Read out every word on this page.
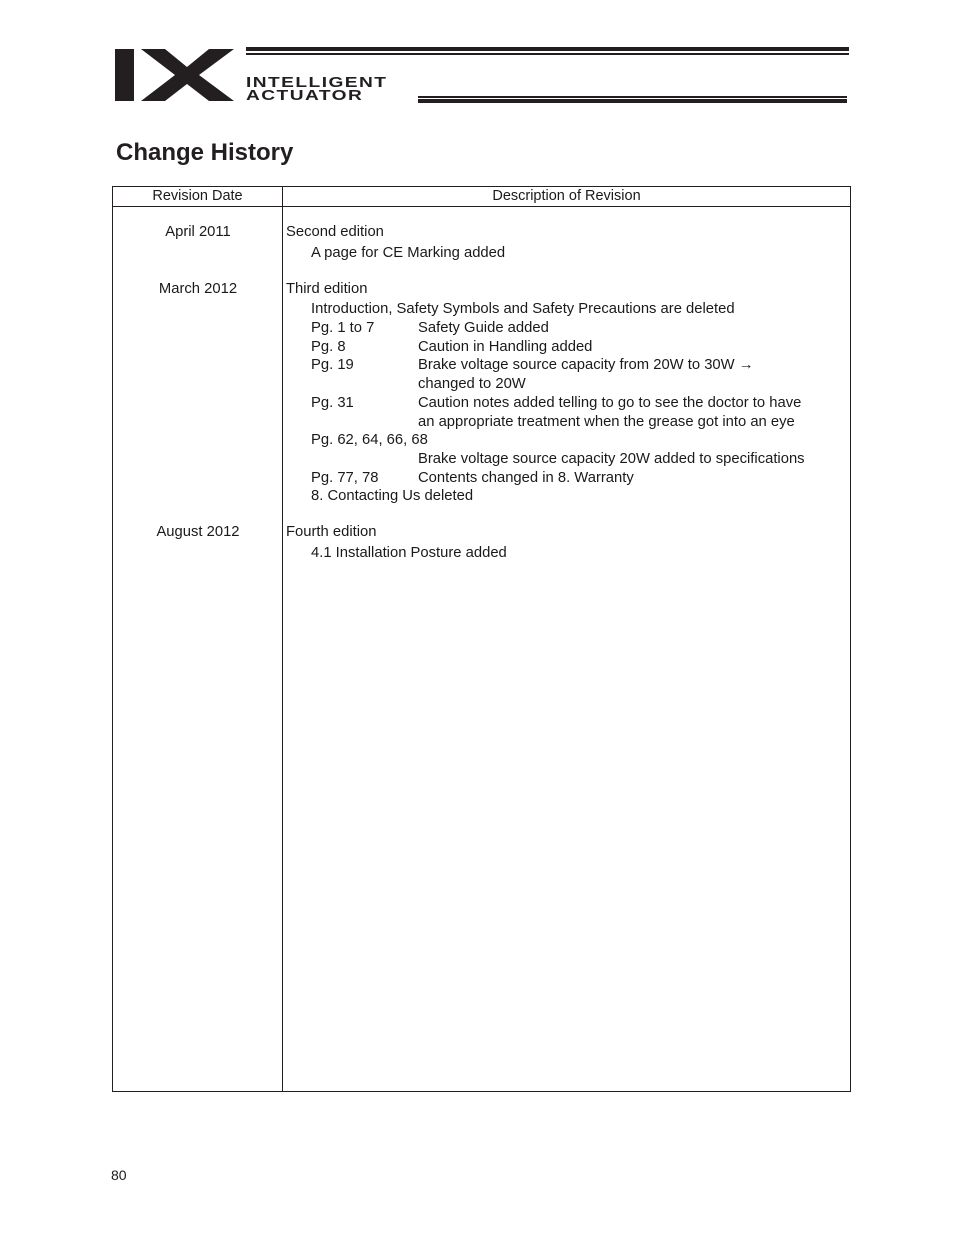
INTELLIGENT
ACTUATOR
Change History
Revision Date	Description of Revision
April 2011	Second edition
A page for CE Marking added
March 2012	Third edition
Introduction, Safety Symbols and Safety Precautions are deleted
Pg. 1 to 7	Safety Guide added
Pg. 8	Caution in Handling added
Pg. 19	Brake voltage source capacity from 20W to 30W →
changed to 20W
Pg. 31	Caution notes added telling to go to see the doctor to have
an appropriate treatment when the grease got into an eye
Pg. 62, 64, 66, 68
Brake voltage source capacity 20W added to specifications
Pg. 77, 78	Contents changed in 8. Warranty
8. Contacting Us deleted
August 2012	Fourth edition
4.1 Installation Posture added
80
